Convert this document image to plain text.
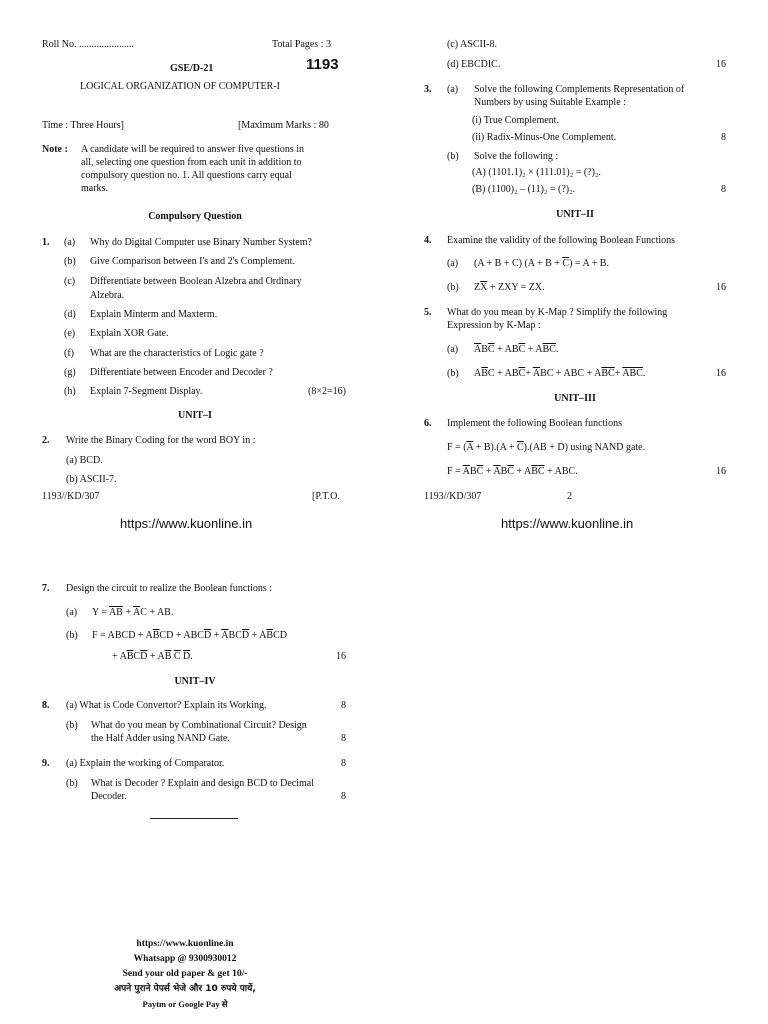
Roll No. ......................	Total Pages : 3
GSE/D-21	1193
LOGICAL ORGANIZATION OF COMPUTER-I
Time : Three Hours]	[Maximum Marks : 80
Note : A candidate will be required to answer five questions in
all, selecting one question from each unit in addition to
compulsory question no. 1. All questions carry equal
marks.
Compulsory Question
1. (a) Why do Digital Computer use Binary Number System?
(b) Give Comparison between I's and 2's Complement.
(c) Differentiate between Boolean Alzebra and Ordinary
Alzebra.
(d) Explain Minterm and Maxterm.
(e) Explain XOR Gate.
(f) What are the characteristics of Logic gate ?
(g) Differentiate between Encoder and Decoder ?
(h) Explain 7-Segment Display.	(8×2=16)
UNIT–I
2. Write the Binary Coding for the word BOY in :
(a) BCD.
(b) ASCII-7.
1193//KD/307	[P.T.O.
https://www.kuonline.in
(c) ASCII-8.
(d) EBCDIC.	16
3. (a) Solve the following Complements Representation of
Numbers by using Suitable Example :
(i) True Complement.
(ii) Radix-Minus-One Complement.	8
(b) Solve the following :
(A) (1101.1)₂ × (111.01)₂ = (?)₂.
(B) (1100)₂ – (11)₂ = (?)₂.	8
UNIT–II
4. Examine the validity of the following Boolean Functions
(a) (A + B + C) $(A + B + \overline{C}) = A + B$.
(b) $Z\overline{X}$ + ZXY = ZX.	16
5. What do you mean by K-Map ? Simplify the following
Expression by K-Map :
(a) $\overline{A}B\overline{C} + AB\overline{C} + A\overline{BC}$.
(b) $A\overline{B}C + AB\overline{C}+ \overline{A}BC$ + ABC + $A\overline{BC}+ \overline{AB}\overline{C}$.	16
UNIT–III
6. Implement the following Boolean functions
$F = (\overline{A} + B).(A + \overline{C}).(AB + D)$ using NAND gate.
$F = \overline{A}B\overline{C} + \overline{A}B\overline{C} + A\overline{B}\overline{C}$ + ABC.	16
1193//KD/307	2
https://www.kuonline.in
7. Design the circuit to realize the Boolean functions :
(a) $Y = \overline{AB} + \overline{A}C$ + AB.
(b) F = ABCD + $A\overline{B}CD + ABC\overline{D} + \overline{A}BC\overline{D} + A\overline{B}CD$
+ $A\overline{B}C\overline{D} + A\overline{B}$ $\overline{C}$ $\overline{D}$.	16
UNIT–IV
8. (a) What is Code Convertor? Explain its Working.	8
(b) What do you mean by Combinational Circuit? Design
the Half Adder using NAND Gate.	8
9. (a) Explain the working of Comparator.	8
(b) What is Decoder ? Explain and design BCD to Decimal
Decoder.	8
https://www.kuonline.in
Whatsapp @ 9300930012
Send your old paper & get 10/-
अपने पुराने पेपर्स भेजे और 10 रुपये पायें,
Paytm or Google Pay से
